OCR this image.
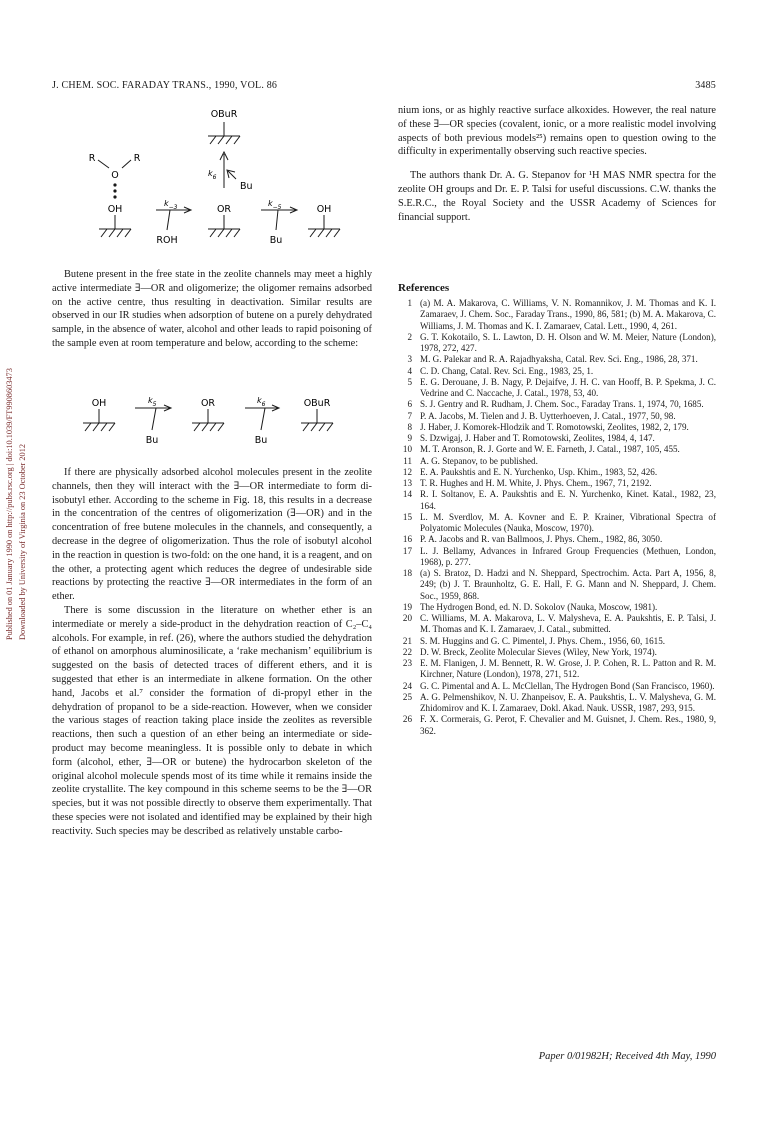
J. CHEM. SOC. FARADAY TRANS., 1990, VOL. 86	3485
Published on 01 January 1990 on http://pubs.rsc.org | doi:10.1039/FT9908603473 Downloaded by University of Virginia on 23 October 2012
OBuR
R
O
R
$k_6$
Bu
OH
$k_{-3}$	OR
$k_{-5}$	OH
ROH	Bu

Butene present in the free state in the zeolite channels may meet a highly active intermediate ∃—OR and oligomerize; the oligomer remains adsorbed on the active centre, thus resulting in deactivation. Similar results are observed in our IR studies when adsorption of butene on a purely dehydrated sample, in the absence of water, alcohol and other leads to rapid poisoning of the sample even at room temperature and below, according to the scheme:

OH	$k_5$	OR	$k_6$	OBuR
Bu	Bu

If there are physically adsorbed alcohol molecules present in the zeolite channels, then they will interact with the ∃—OR intermediate to form di-isobutyl ether. According to the scheme in Fig. 18, this results in a decrease in the concentration of the centres of oligomerization (∃—OR) and in the concentration of free butene molecules in the channels, and consequently, a decrease in the degree of oligomerization. Thus the role of isobutyl alcohol in the reaction in question is two-fold: on the one hand, it is a reagent, and on the other, a protecting agent which reduces the degree of undesirable side reactions by protecting the reactive ∃—OR intermediates in the form of an ether.

There is some discussion in the literature on whether ether is an intermediate or merely a side-product in the dehydration reaction of C₂–C₄ alcohols. For example, in ref. (26), where the authors studied the dehydration of ethanol on amorphous aluminosilicate, a ‘rake mechanism’ equilibrium is suggested on the basis of detected traces of different ethers, and it is suggested that ether is an intermediate in alkene formation. On the other hand, Jacobs et al.⁷ consider the formation of di-propyl ether in the dehydration of propanol to be a side-reaction. However, when we consider the various stages of reaction taking place inside the zeolites as reversible reactions, then such a question of an ether being an intermediate or side-product may become meaningless. It is possible only to debate in which form (alcohol, ether, ∃—OR or butene) the hydrocarbon skeleton of the original alcohol molecule spends most of its time while it remains inside the zeolite crystallite. The key compound in this scheme seems to be the ∃—OR species, but it was not possible directly to observe them experimentally. That these species were not isolated and identified may be explained by their high reactivity. Such species may be described as relatively unstable carbo-

nium ions, or as highly reactive surface alkoxides. However, the real nature of these ∃—OR species (covalent, ionic, or a more realistic model involving aspects of both previous models²⁵) remains open to question owing to the difficulty in experimentally observing such reactive species.

The authors thank Dr. A. G. Stepanov for ¹H MAS NMR spectra for the zeolite OH groups and Dr. E. P. Talsi for useful discussions. C.W. thanks the S.E.R.C., the Royal Society and the USSR Academy of Sciences for financial support.

References
1 (a) M. A. Makarova, C. Williams, V. N. Romannikov, J. M. Thomas and K. I. Zamaraev, J. Chem. Soc., Faraday Trans., 1990, 86, 581; (b) M. A. Makarova, C. Williams, J. M. Thomas and K. I. Zamaraev, Catal. Lett., 1990, 4, 261.
2 G. T. Kokotailo, S. L. Lawton, D. H. Olson and W. M. Meier, Nature (London), 1978, 272, 427.
3 M. G. Palekar and R. A. Rajadhyaksha, Catal. Rev. Sci. Eng., 1986, 28, 371.
4 C. D. Chang, Catal. Rev. Sci. Eng., 1983, 25, 1.
5 E. G. Derouane, J. B. Nagy, P. Dejaifve, J. H. C. van Hooff, B. P. Spekma, J. C. Vedrine and C. Naccache, J. Catal., 1978, 53, 40.
6 S. J. Gentry and R. Rudham, J. Chem. Soc., Faraday Trans. 1, 1974, 70, 1685.
7 P. A. Jacobs, M. Tielen and J. B. Uytterhoeven, J. Catal., 1977, 50, 98.
8 J. Haber, J. Komorek-Hlodzik and T. Romotowski, Zeolites, 1982, 2, 179.
9 S. Dzwigaj, J. Haber and T. Romotowski, Zeolites, 1984, 4, 147.
10 M. T. Aronson, R. J. Gorte and W. E. Farneth, J. Catal., 1987, 105, 455.
11 A. G. Stepanov, to be published.
12 E. A. Paukshtis and E. N. Yurchenko, Usp. Khim., 1983, 52, 426.
13 T. R. Hughes and H. M. White, J. Phys. Chem., 1967, 71, 2192.
14 R. I. Soltanov, E. A. Paukshtis and E. N. Yurchenko, Kinet. Katal., 1982, 23, 164.
15 L. M. Sverdlov, M. A. Kovner and E. P. Krainer, Vibrational Spectra of Polyatomic Molecules (Nauka, Moscow, 1970).
16 P. A. Jacobs and R. van Ballmoos, J. Phys. Chem., 1982, 86, 3050.
17 L. J. Bellamy, Advances in Infrared Group Frequencies (Methuen, London, 1968), p. 277.
18 (a) S. Bratoz, D. Hadzi and N. Sheppard, Spectrochim. Acta. Part A, 1956, 8, 249; (b) J. T. Braunholtz, G. E. Hall, F. G. Mann and N. Sheppard, J. Chem. Soc., 1959, 868.
19 The Hydrogen Bond, ed. N. D. Sokolov (Nauka, Moscow, 1981).
20 C. Williams, M. A. Makarova, L. V. Malysheva, E. A. Paukshtis, E. P. Talsi, J. M. Thomas and K. I. Zamaraev, J. Catal., submitted.
21 S. M. Huggins and G. C. Pimentel, J. Phys. Chem., 1956, 60, 1615.
22 D. W. Breck, Zeolite Molecular Sieves (Wiley, New York, 1974).
23 E. M. Flanigen, J. M. Bennett, R. W. Grose, J. P. Cohen, R. L. Patton and R. M. Kirchner, Nature (London), 1978, 271, 512.
24 G. C. Pimental and A. L. McClellan, The Hydrogen Bond (San Francisco, 1960).
25 A. G. Pelmenshikov, N. U. Zhanpeisov, E. A. Paukshtis, L. V. Malysheva, G. M. Zhidomirov and K. I. Zamaraev, Dokl. Akad. Nauk. USSR, 1987, 293, 915.
26 F. X. Cormerais, G. Perot, F. Chevalier and M. Guisnet, J. Chem. Res., 1980, 9, 362.
Paper 0/01982H; Received 4th May, 1990
